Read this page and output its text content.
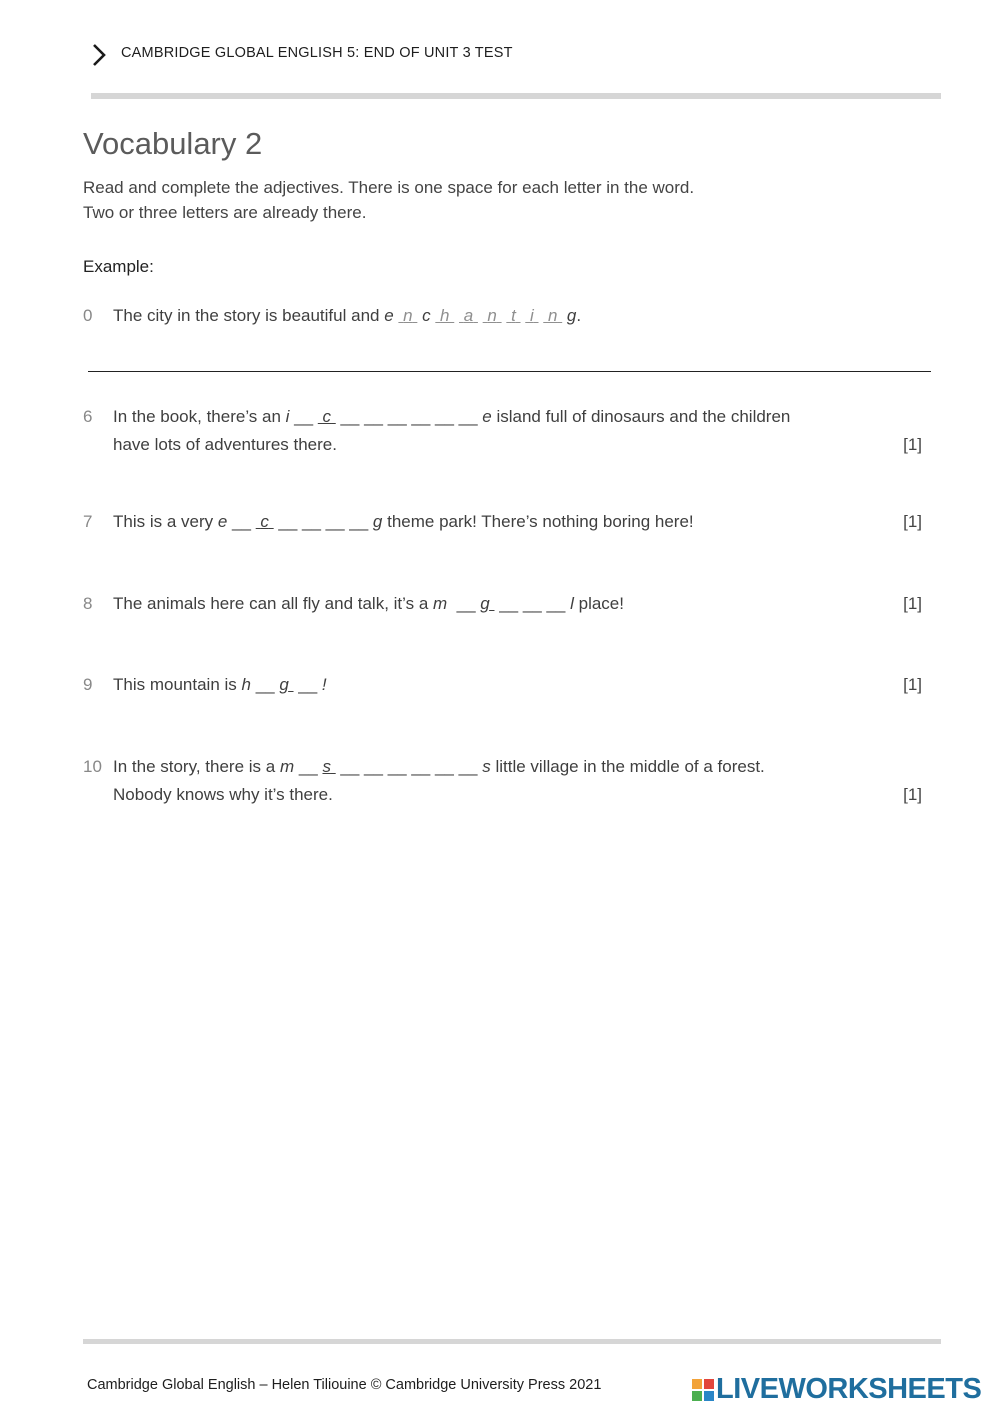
CAMBRIDGE GLOBAL ENGLISH 5: END OF UNIT 3 TEST
Vocabulary 2
Read and complete the adjectives. There is one space for each letter in the word.
Two or three letters are already there.
Example:
0 The city in the story is beautiful and e n c h a n t i n g.
6 In the book, there’s an i __  c  __ __ __ __ __ __ e island full of dinosaurs and the children
have lots of adventures there.	[1]
7 This is a very e __  c  __ __ __ __ g theme park! There’s nothing boring here!	[1]
8 The animals here can all fly and talk, it’s a m  __ g  __ __ __ l place!	[1]
9 This mountain is h __ g  __ !	[1]
10 In the story, there is a m __ s  __ __ __ __ __ __ s little village in the middle of a forest.
Nobody knows why it’s there.	[1]
Cambridge Global English – Helen Tiliouine © Cambridge University Press 2021	LIVEWORKSHEETS
